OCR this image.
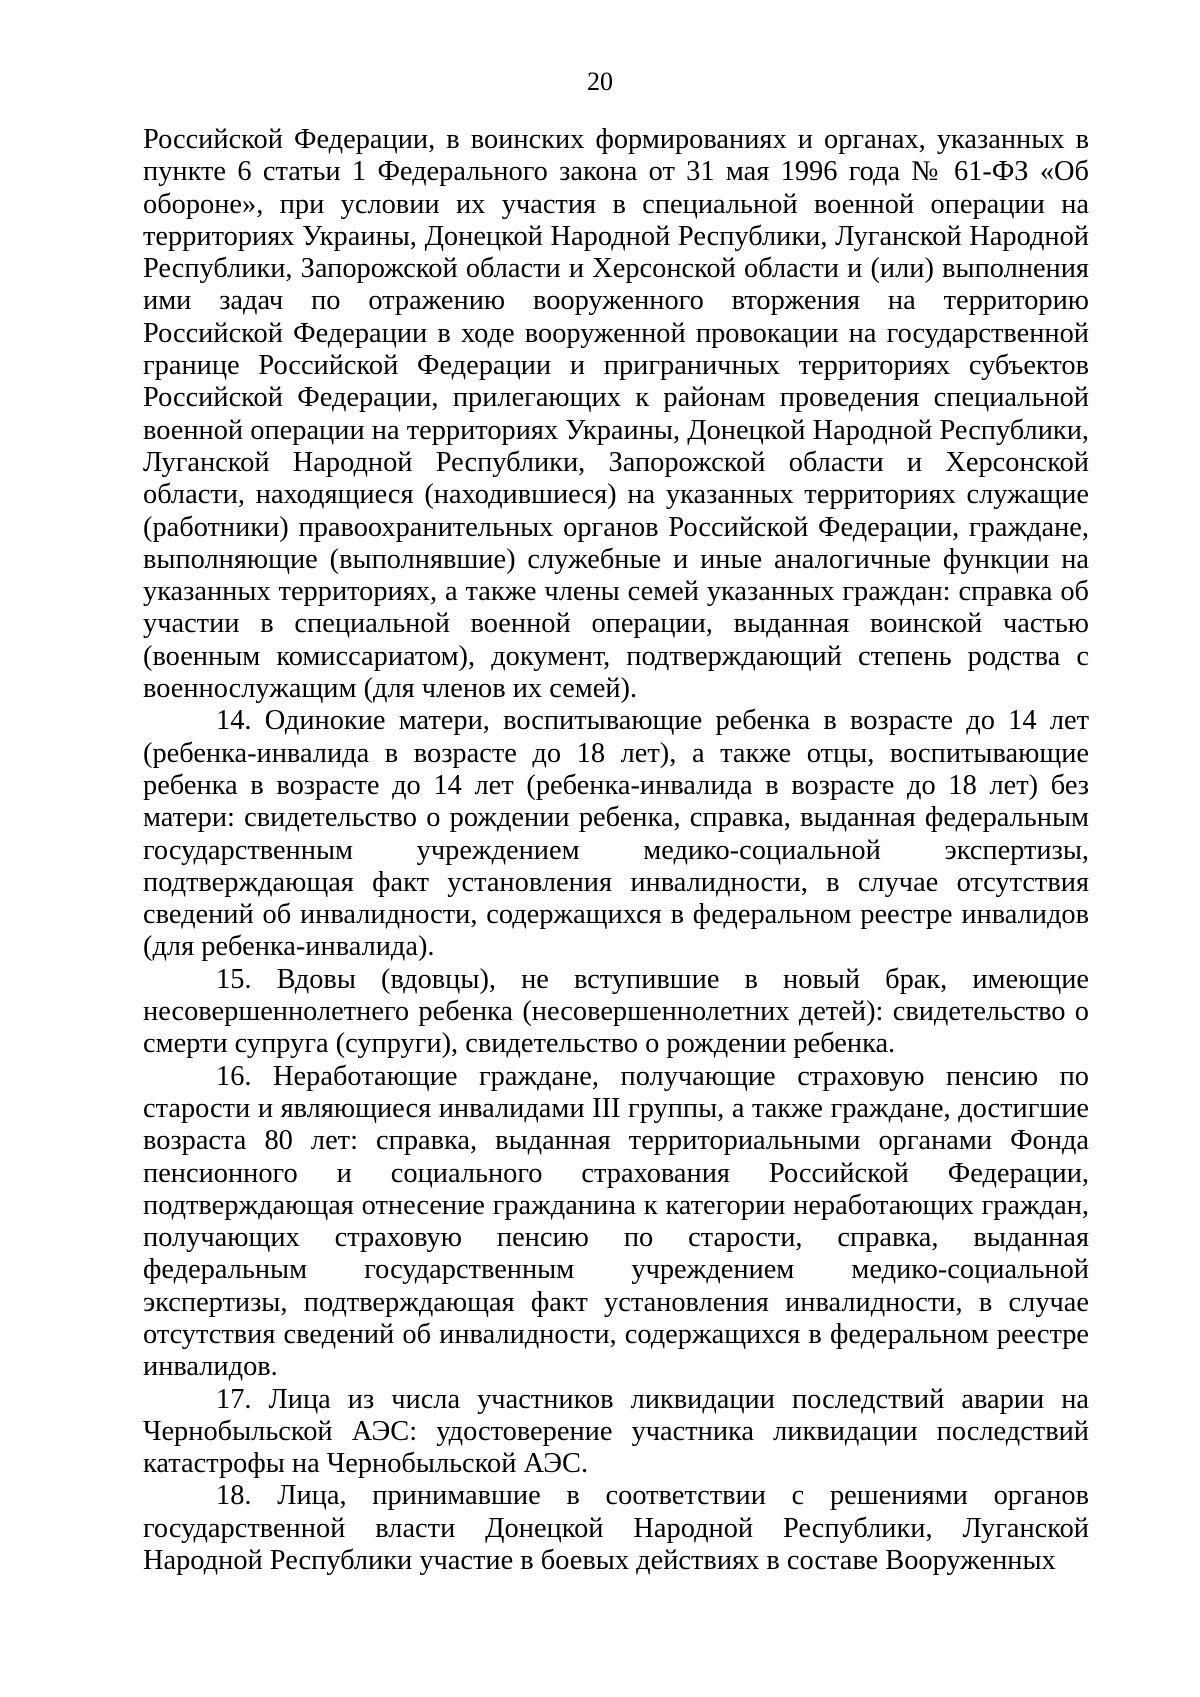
20

Российской Федерации, в воинских формированиях и органах, указанных в пункте 6 статьи 1 Федерального закона от 31 мая 1996 года № 61-ФЗ «Об обороне», при условии их участия в специальной военной операции на территориях Украины, Донецкой Народной Республики, Луганской Народной Республики, Запорожской области и Херсонской области и (или) выполнения ими задач по отражению вооруженного вторжения на территорию Российской Федерации в ходе вооруженной провокации на государственной границе Российской Федерации и приграничных территориях субъектов Российской Федерации, прилегающих к районам проведения специальной военной операции на территориях Украины, Донецкой Народной Республики, Луганской Народной Республики, Запорожской области и Херсонской области, находящиеся (находившиеся) на указанных территориях служащие (работники) правоохранительных органов Российской Федерации, граждане, выполняющие (выполнявшие) служебные и иные аналогичные функции на указанных территориях, а также члены семей указанных граждан: справка об участии в специальной военной операции, выданная воинской частью (военным комиссариатом), документ, подтверждающий степень родства с военнослужащим (для членов их семей).

14. Одинокие матери, воспитывающие ребенка в возрасте до 14 лет (ребенка-инвалида в возрасте до 18 лет), а также отцы, воспитывающие ребенка в возрасте до 14 лет (ребенка-инвалида в возрасте до 18 лет) без матери: свидетельство о рождении ребенка, справка, выданная федеральным государственным учреждением медико-социальной экспертизы, подтверждающая факт установления инвалидности, в случае отсутствия сведений об инвалидности, содержащихся в федеральном реестре инвалидов (для ребенка-инвалида).

15. Вдовы (вдовцы), не вступившие в новый брак, имеющие несовершеннолетнего ребенка (несовершеннолетних детей): свидетельство о смерти супруга (супруги), свидетельство о рождении ребенка.

16. Неработающие граждане, получающие страховую пенсию по старости и являющиеся инвалидами III группы, а также граждане, достигшие возраста 80 лет: справка, выданная территориальными органами Фонда пенсионного и социального страхования Российской Федерации, подтверждающая отнесение гражданина к категории неработающих граждан, получающих страховую пенсию по старости, справка, выданная федеральным государственным учреждением медико-социальной экспертизы, подтверждающая факт установления инвалидности, в случае отсутствия сведений об инвалидности, содержащихся в федеральном реестре инвалидов.

17. Лица из числа участников ликвидации последствий аварии на Чернобыльской АЭС: удостоверение участника ликвидации последствий катастрофы на Чернобыльской АЭС.

18. Лица, принимавшие в соответствии с решениями органов государственной власти Донецкой Народной Республики, Луганской Народной Республики участие в боевых действиях в составе Вооруженных
